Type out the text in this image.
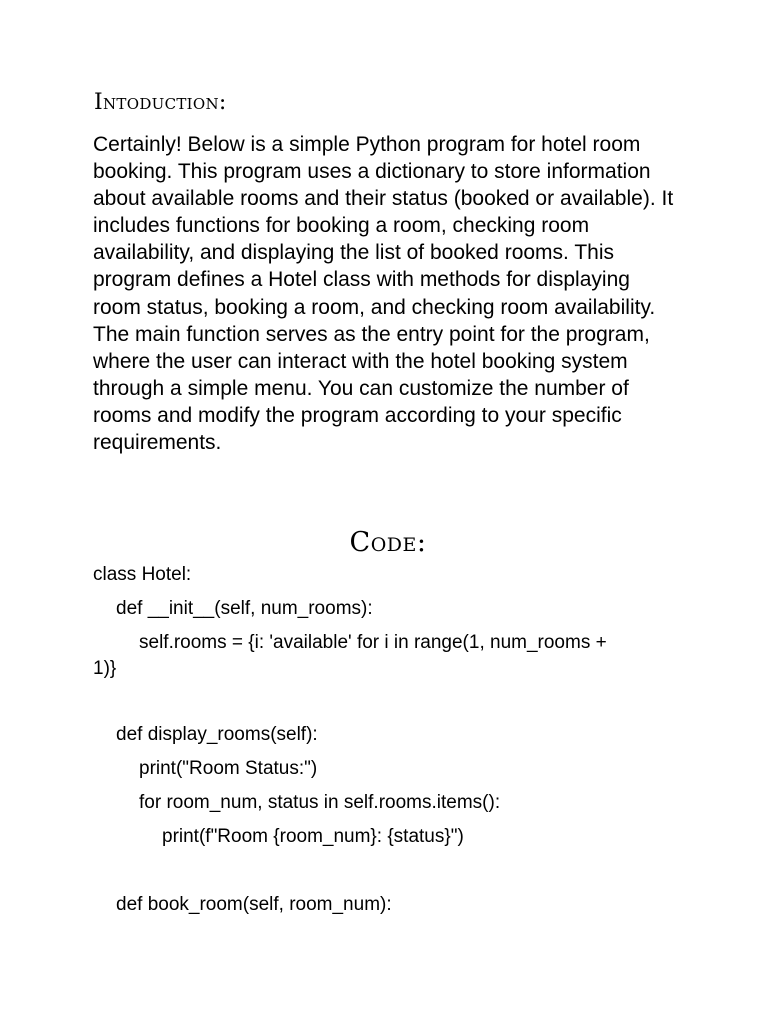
Intoduction:

Certainly! Below is a simple Python program for hotel room booking. This program uses a dictionary to store information about available rooms and their status (booked or available). It includes functions for booking a room, checking room availability, and displaying the list of booked rooms. This program defines a Hotel class with methods for displaying room status, booking a room, and checking room availability. The main function serves as the entry point for the program, where the user can interact with the hotel booking system through a simple menu. You can customize the number of rooms and modify the program according to your specific requirements.

Code:

class Hotel:

def __init__(self, num_rooms):

self.rooms = {i: 'available' for i in range(1, num_rooms +

1)}

def display_rooms(self):

print("Room Status:")

for room_num, status in self.rooms.items():

print(f"Room {room_num}: {status}")

def book_room(self, room_num):
